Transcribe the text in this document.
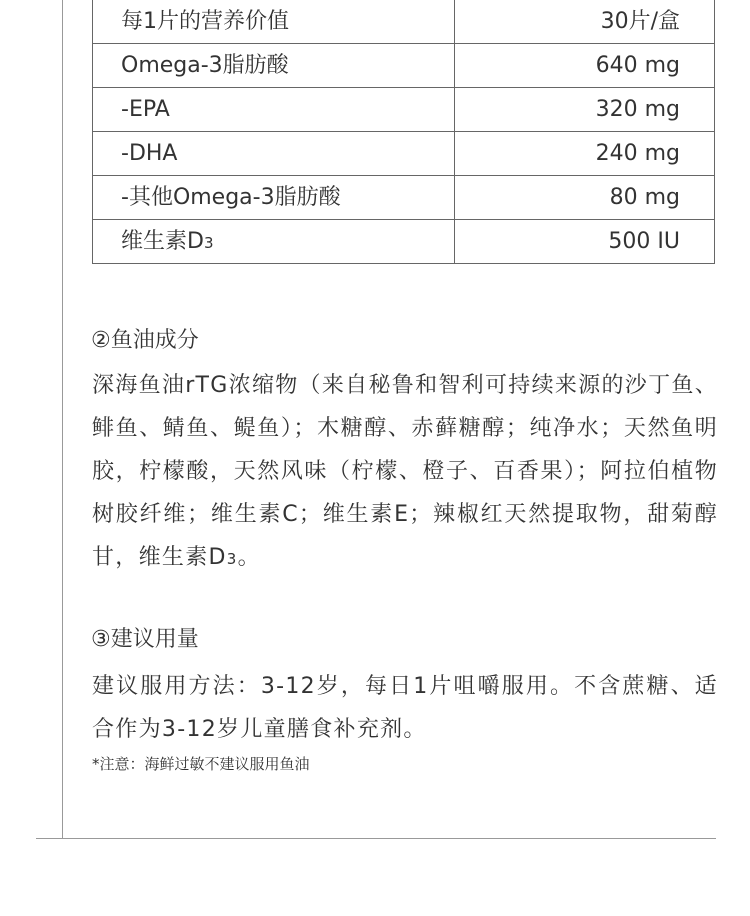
每1片的营养价值	30片/盒
Omega-3脂肪酸	640 mg
-EPA	320 mg
-DHA	240 mg
-其他Omega-3脂肪酸	80 mg
维生素D3	500 IU
②鱼油成分
深海鱼油rTG浓缩物（来自秘鲁和智利可持续来源的沙丁鱼、鲱鱼、鲭鱼、鳀鱼）；木糖醇、赤藓糖醇；纯净水；天然鱼明胶，柠檬酸，天然风味（柠檬、橙子、百香果）；阿拉伯植物树胶纤维；维生素C；维生素E；辣椒红天然提取物，甜菊醇甘，维生素D3。
③建议用量
建议服用方法：3-12岁，每日1片咀嚼服用。不含蔗糖、适合作为3-12岁儿童膳食补充剂。
*注意：海鲜过敏不建议服用鱼油
